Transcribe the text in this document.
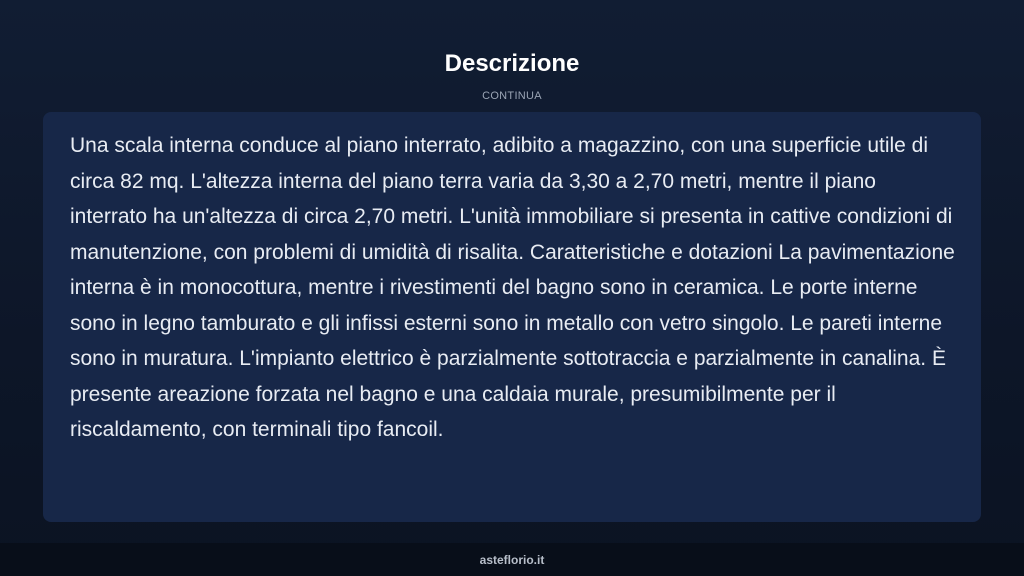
Descrizione
CONTINUA

Una scala interna conduce al piano interrato, adibito a magazzino, con una superficie utile di circa 82 mq. L'altezza interna del piano terra varia da 3,30 a 2,70 metri, mentre il piano interrato ha un'altezza di circa 2,70 metri. L'unità immobiliare si presenta in cattive condizioni di manutenzione, con problemi di umidità di risalita. Caratteristiche e dotazioni La pavimentazione interna è in monocottura, mentre i rivestimenti del bagno sono in ceramica. Le porte interne sono in legno tamburato e gli infissi esterni sono in metallo con vetro singolo. Le pareti interne sono in muratura. L'impianto elettrico è parzialmente sottotraccia e parzialmente in canalina. È presente areazione forzata nel bagno e una caldaia murale, presumibilmente per il riscaldamento, con terminali tipo fancoil.

asteflorio.it
